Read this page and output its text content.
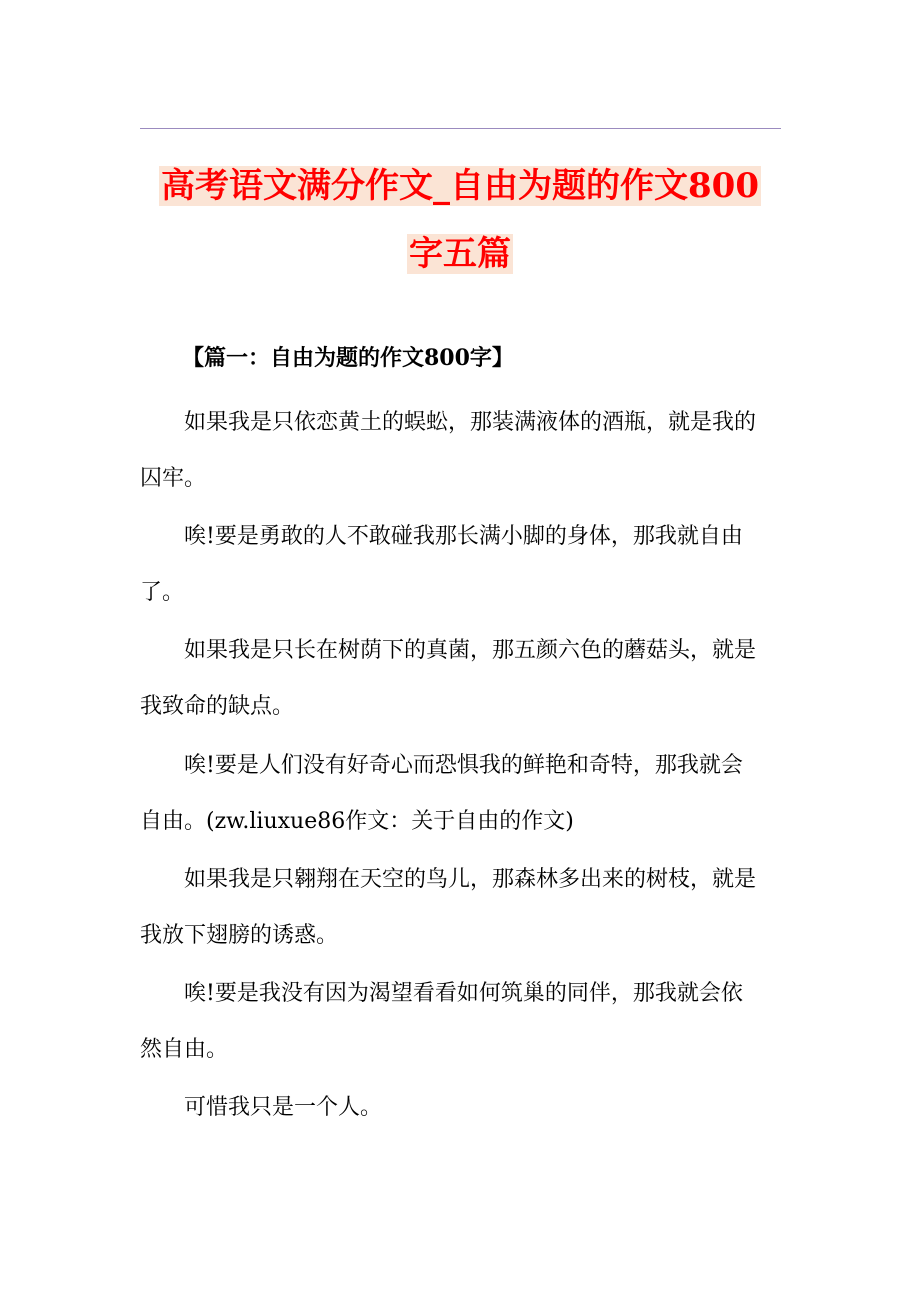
高考语文满分作文_自由为题的作文800
字五篇
【篇一：自由为题的作文800字】
如果我是只依恋黄土的蜈蚣，那装满液体的酒瓶，就是我的
囚牢。
唉!要是勇敢的人不敢碰我那长满小脚的身体，那我就自由
了。
如果我是只长在树荫下的真菌，那五颜六色的蘑菇头，就是
我致命的缺点。
唉!要是人们没有好奇心而恐惧我的鲜艳和奇特，那我就会
自由。(zw.liuxue86作文：关于自由的作文)
如果我是只翱翔在天空的鸟儿，那森林多出来的树枝，就是
我放下翅膀的诱惑。
唉!要是我没有因为渴望看看如何筑巢的同伴，那我就会依
然自由。
可惜我只是一个人。
